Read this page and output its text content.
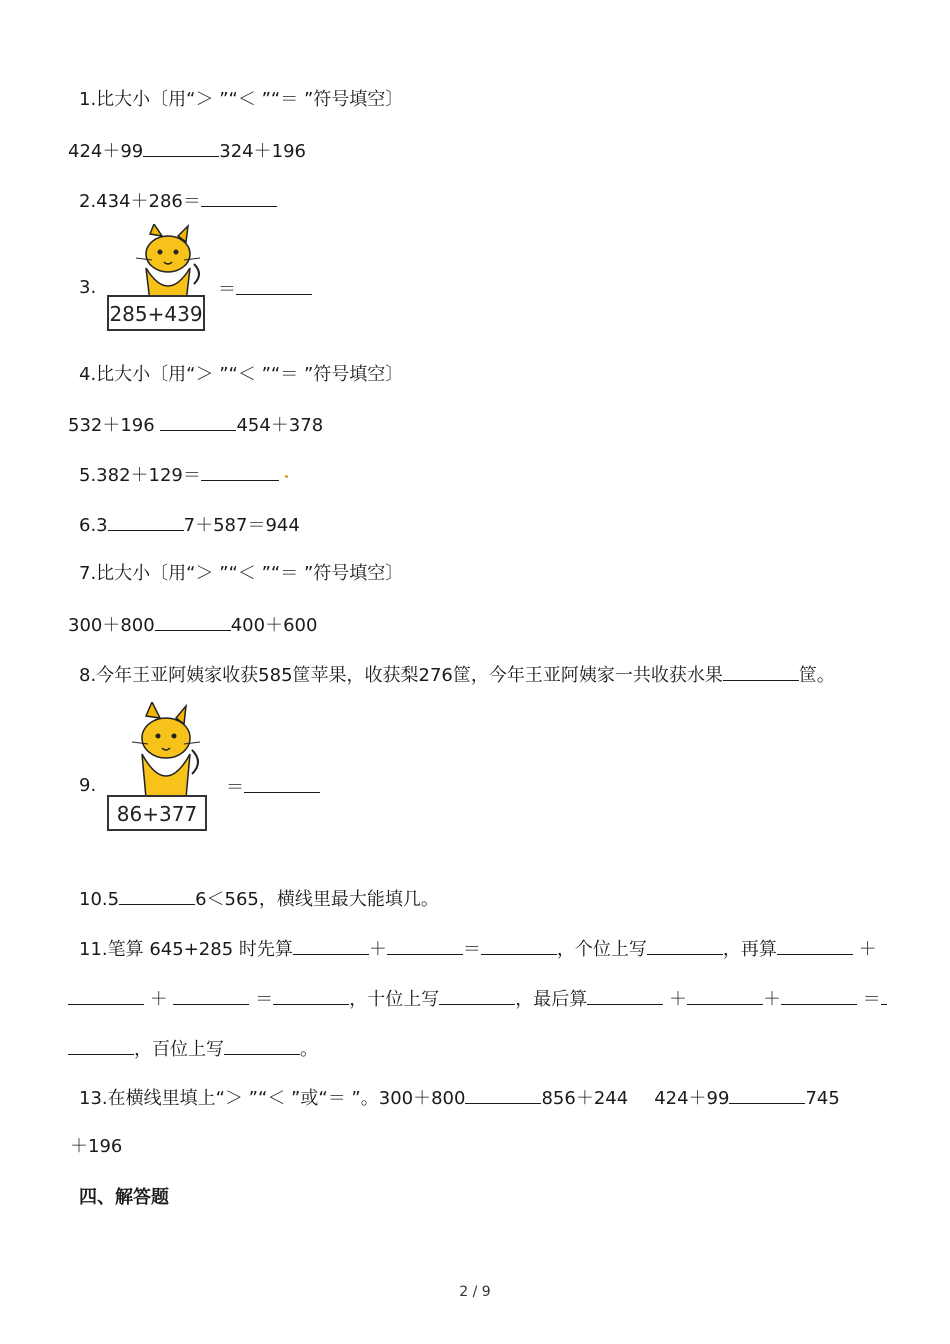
1.比大小〔用“＞ ”“＜ ”“＝ ”符号填空〕
424＋99	324＋196
2.434＋286＝
3.
285+439
＝
4.比大小〔用“＞ ”“＜ ”“＝ ”符号填空〕
532＋196	454＋378
5.382＋129＝
6.3	7＋587＝944
7.比大小〔用“＞ ”“＜ ”“＝ ”符号填空〕
300＋800	400＋600
8.今年王亚阿姨家收获585筐苹果，收获梨276筐，今年王亚阿姨家一共收获水果	筐。
9.
86+377
＝
10.5	6＜565，横线里最大能填几。
11.笔算 645+285 时先算	＋	＝	，个位上写	，再算	＋
＋	＝	，十位上写	，最后算	＋	＋	＝
，百位上写	。
13.在横线里填上“＞ ”“＜ ”或“＝ ”。300＋800	856＋244 424＋99	745
＋196
四、解答题
2 / 9
